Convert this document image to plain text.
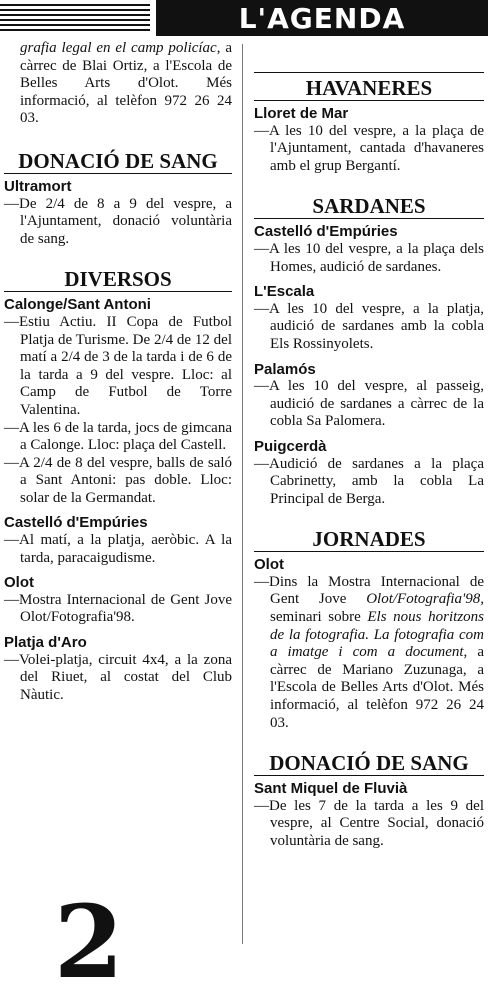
L'AGENDA

grafia legal en el camp policíac, a càrrec de Blai Ortiz, a l'Escola de Belles Arts d'Olot. Més informació, al telèfon 972 26 24 03.

DONACIÓ DE SANG

Ultramort

—De 2/4 de 8 a 9 del vespre, a l'Ajuntament, donació voluntària de sang.

DIVERSOS

Calonge/Sant Antoni

—Estiu Actiu. II Copa de Futbol Platja de Turisme. De 2/4 de 12 del matí a 2/4 de 3 de la tarda i de 6 de la tarda a 9 del vespre. Lloc: al Camp de Futbol de Torre Valentina.

—A les 6 de la tarda, jocs de gimcana a Calonge. Lloc: plaça del Castell.

—A 2/4 de 8 del vespre, balls de saló a Sant Antoni: pas doble. Lloc: solar de la Germandat.

Castelló d'Empúries

—Al matí, a la platja, aeròbic. A la tarda, paracaigudisme.

Olot

—Mostra Internacional de Gent Jove Olot/Fotografia'98.

Platja d'Aro

—Volei-platja, circuit 4x4, a la zona del Riuet, al costat del Club Nàutic.

2
HAVANERES

Lloret de Mar

—A les 10 del vespre, a la plaça de l'Ajuntament, cantada d'havaneres amb el grup Bergantí.

SARDANES

Castelló d'Empúries

—A les 10 del vespre, a la plaça dels Homes, audició de sardanes.

L'Escala

—A les 10 del vespre, a la platja, audició de sardanes amb la cobla Els Rossinyolets.

Palamós

—A les 10 del vespre, al passeig, audició de sardanes a càrrec de la cobla Sa Palomera.

Puigcerdà

—Audició de sardanes a la plaça Cabrinetty, amb la cobla La Principal de Berga.

JORNADES

Olot

—Dins la Mostra Internacional de Gent Jove Olot/Fotografia'98, seminari sobre Els nous horitzons de la fotografia. La fotografia com a imatge i com a document, a càrrec de Mariano Zuzunaga, a l'Escola de Belles Arts d'Olot. Més informació, al telèfon 972 26 24 03.

DONACIÓ DE SANG

Sant Miquel de Fluvià

—De les 7 de la tarda a les 9 del vespre, al Centre Social, donació voluntària de sang.
